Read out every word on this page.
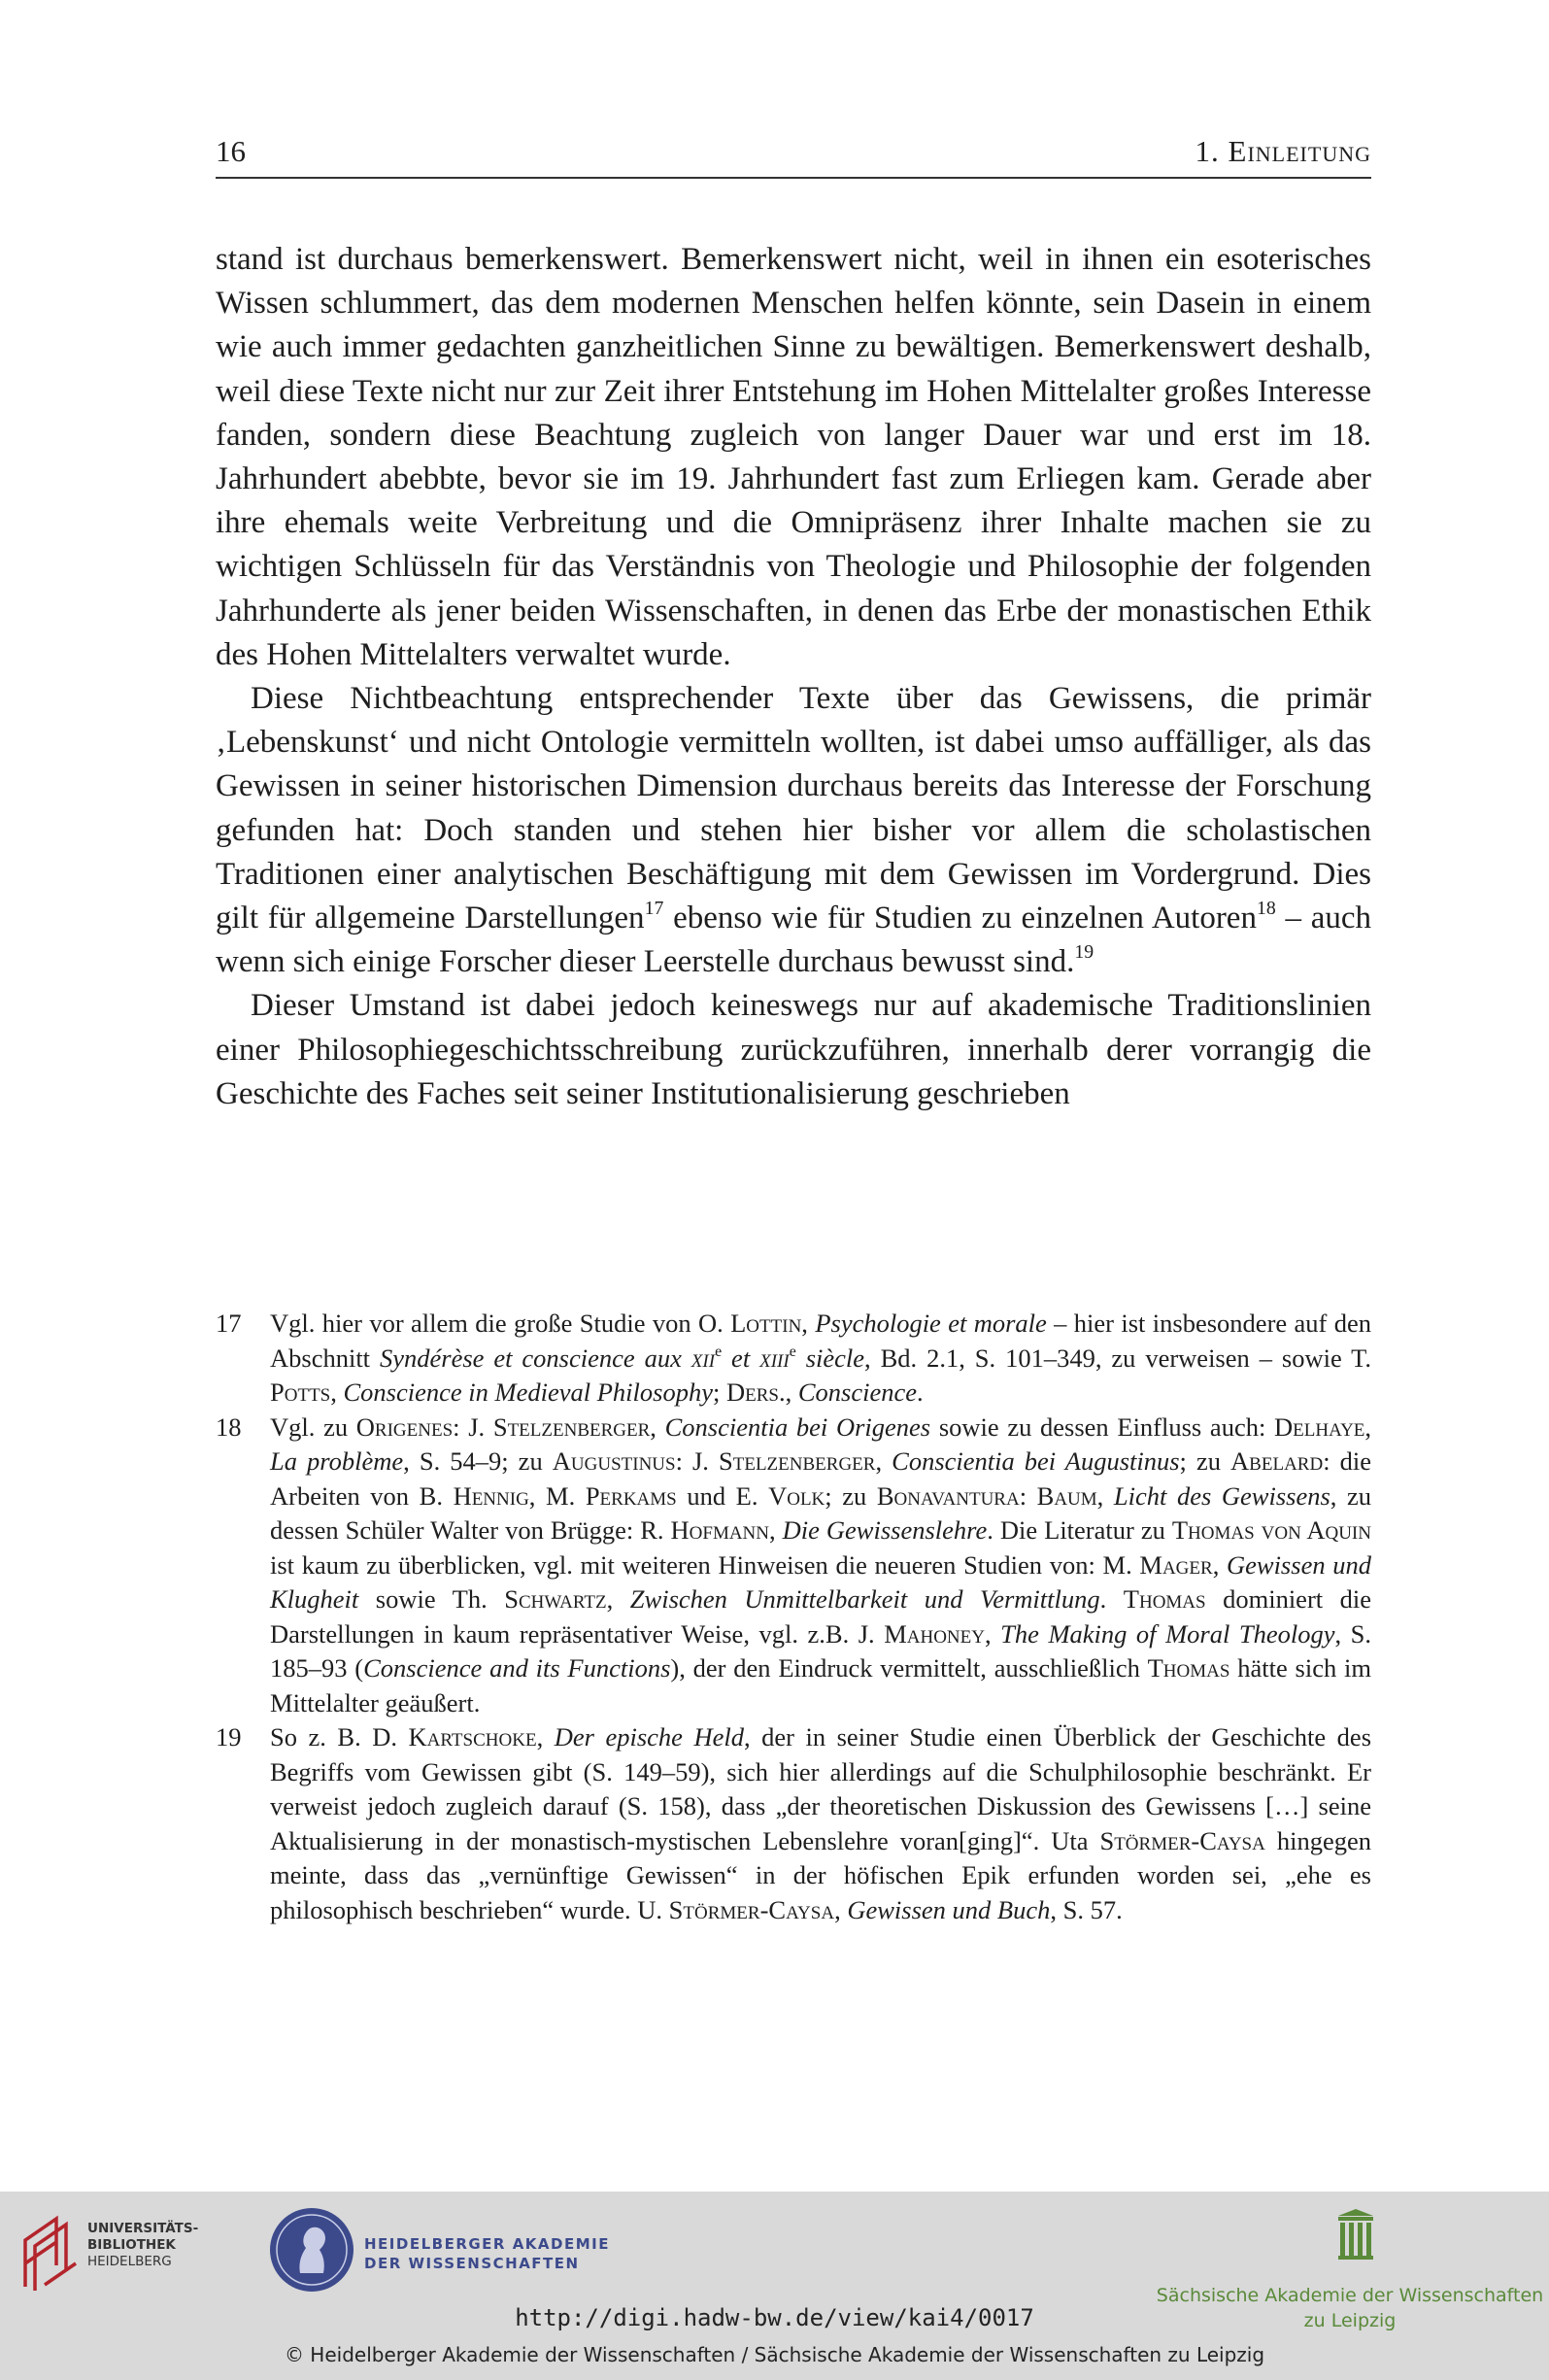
16	1. Einleitung

stand ist durchaus bemerkenswert. Bemerkenswert nicht, weil in ihnen ein esoterisches Wissen schlummert, das dem modernen Menschen helfen könnte, sein Dasein in einem wie auch immer gedachten ganzheitlichen Sinne zu bewältigen. Bemerkenswert deshalb, weil diese Texte nicht nur zur Zeit ihrer Entstehung im Hohen Mittelalter großes Interesse fanden, sondern diese Beachtung zugleich von langer Dauer war und erst im 18. Jahrhundert abebbte, bevor sie im 19. Jahrhundert fast zum Erliegen kam. Gerade aber ihre ehemals weite Verbreitung und die Omnipräsenz ihrer Inhalte machen sie zu wichtigen Schlüsseln für das Verständnis von Theologie und Philosophie der folgenden Jahrhunderte als jener beiden Wissenschaften, in denen das Erbe der monastischen Ethik des Hohen Mittelalters verwaltet wurde.

Diese Nichtbeachtung entsprechender Texte über das Gewissens, die primär ‚Lebenskunst‘ und nicht Ontologie vermitteln wollten, ist dabei umso auffälliger, als das Gewissen in seiner historischen Dimension durchaus bereits das Interesse der Forschung gefunden hat: Doch standen und stehen hier bisher vor allem die scholastischen Traditionen einer analytischen Beschäftigung mit dem Gewissen im Vordergrund. Dies gilt für allgemeine Darstellungen$^{17}$ ebenso wie für Studien zu einzelnen Autoren$^{18}$ – auch wenn sich einige Forscher dieser Leerstelle durchaus bewusst sind.$^{19}$

Dieser Umstand ist dabei jedoch keineswegs nur auf akademische Traditionslinien einer Philosophiegeschichtsschreibung zurückzuführen, innerhalb derer vorrangig die Geschichte des Faches seit seiner Institutionalisierung geschrieben

17	Vgl. hier vor allem die große Studie von O. Lottin, Psychologie et morale – hier ist insbesondere auf den Abschnitt Syndérèse et conscience aux xii$^e$ et xiii$^e$ siècle, Bd. 2.1, S. 101–349, zu verweisen – sowie T. Potts, Conscience in Medieval Philosophy; Ders., Conscience.
18	Vgl. zu Origenes: J. Stelzenberger, Conscientia bei Origenes sowie zu dessen Einfluss auch: Delhaye, La problème, S. 54–9; zu Augustinus: J. Stelzenberger, Conscientia bei Augustinus; zu Abelard: die Arbeiten von B. Hennig, M. Perkams und E. Volk; zu Bonavantura: Baum, Licht des Gewissens, zu dessen Schüler Walter von Brügge: R. Hofmann, Die Gewissenslehre. Die Literatur zu Thomas von Aquin ist kaum zu überblicken, vgl. mit weiteren Hinweisen die neueren Studien von: M. Mager, Gewissen und Klugheit sowie Th. Schwartz, Zwischen Unmittelbarkeit und Vermittlung. Thomas dominiert die Darstellungen in kaum repräsentativer Weise, vgl. z.B. J. Mahoney, The Making of Moral Theology, S. 185–93 (Conscience and its Functions), der den Eindruck vermittelt, ausschließlich Thomas hätte sich im Mittelalter geäußert.
19	So z. B. D. Kartschoke, Der epische Held, der in seiner Studie einen Überblick der Geschichte des Begriffs vom Gewissen gibt (S. 149–59), sich hier allerdings auf die Schulphilosophie beschränkt. Er verweist jedoch zugleich darauf (S. 158), dass „der theoretischen Diskussion des Gewissens […] seine Aktualisierung in der monastisch-mystischen Lebenslehre voran[ging]“. Uta Störmer-Caysa hingegen meinte, dass das „vernünftige Gewissen“ in der höfischen Epik erfunden worden sei, „ehe es philosophisch beschrieben“ wurde. U. Störmer-Caysa, Gewissen und Buch, S. 57.
UNIVERSITÄTS-
BIBLIOTHEK
HEIDELBERG
HEIDELBERGER AKADEMIE
DER WISSENSCHAFTEN
Sächsische Akademie der Wissenschaften
zu Leipzig
http://digi.hadw-bw.de/view/kai4/0017
© Heidelberger Akademie der Wissenschaften / Sächsische Akademie der Wissenschaften zu Leipzig
